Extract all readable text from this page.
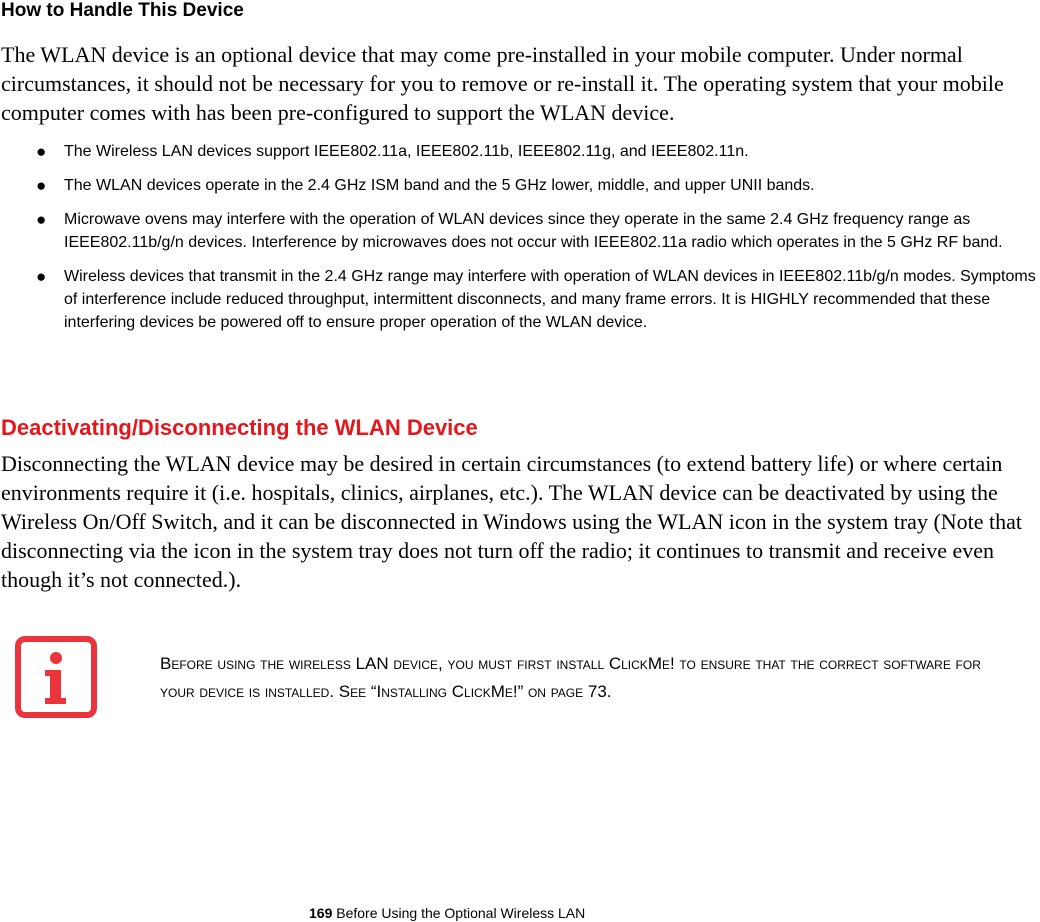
How to Handle This Device

The WLAN device is an optional device that may come pre-installed in your mobile computer. Under normal circumstances, it should not be necessary for you to remove or re-install it. The operating system that your mobile computer comes with has been pre-configured to support the WLAN device.

● The Wireless LAN devices support IEEE802.11a, IEEE802.11b, IEEE802.11g, and IEEE802.11n.
● The WLAN devices operate in the 2.4 GHz ISM band and the 5 GHz lower, middle, and upper UNII bands.
● Microwave ovens may interfere with the operation of WLAN devices since they operate in the same 2.4 GHz frequency range as IEEE802.11b/g/n devices. Interference by microwaves does not occur with IEEE802.11a radio which operates in the 5 GHz RF band.
● Wireless devices that transmit in the 2.4 GHz range may interfere with operation of WLAN devices in IEEE802.11b/g/n modes. Symptoms of interference include reduced throughput, intermittent disconnects, and many frame errors. It is HIGHLY recommended that these interfering devices be powered off to ensure proper operation of the WLAN device.
Deactivating/Disconnecting the WLAN Device

Disconnecting the WLAN device may be desired in certain circumstances (to extend battery life) or where certain environments require it (i.e. hospitals, clinics, airplanes, etc.). The WLAN device can be deactivated by using the Wireless On/Off Switch, and it can be disconnected in Windows using the WLAN icon in the system tray (Note that disconnecting via the icon in the system tray does not turn off the radio; it continues to transmit and receive even though it’s not connected.).

Before using the wireless LAN device, you must first install ClickMe! to ensure that the correct software for your device is installed. See “Installing ClickMe!” on page 73.

169 Before Using the Optional Wireless LAN
